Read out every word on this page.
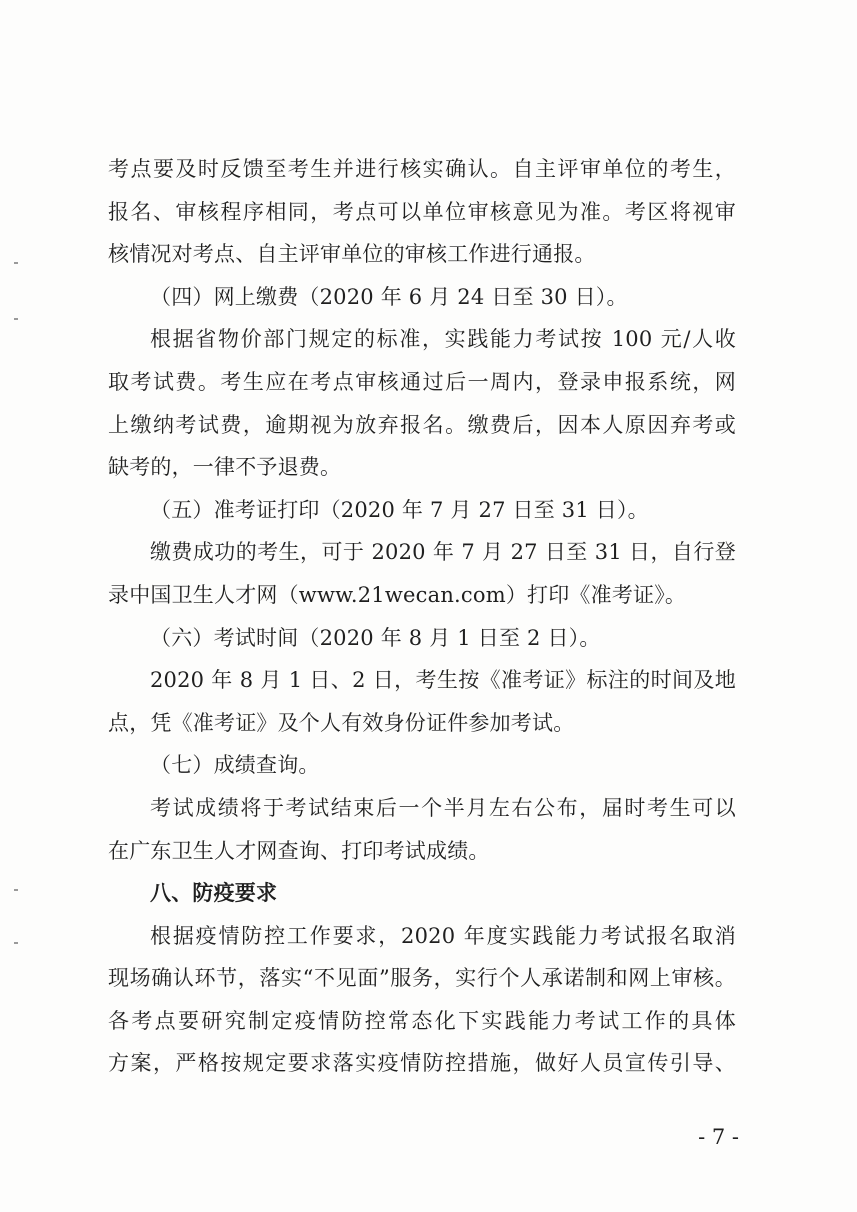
考点要及时反馈至考生并进行核实确认。自主评审单位的考生，
报名、审核程序相同，考点可以单位审核意见为准。考区将视审
核情况对考点、自主评审单位的审核工作进行通报。
（四）网上缴费（2020 年 6 月 24 日至 30 日）。
根据省物价部门规定的标准，实践能力考试按 100 元/人收
取考试费。考生应在考点审核通过后一周内，登录申报系统，网
上缴纳考试费，逾期视为放弃报名。缴费后，因本人原因弃考或
缺考的，一律不予退费。
（五）准考证打印（2020 年 7 月 27 日至 31 日）。
缴费成功的考生，可于 2020 年 7 月 27 日至 31 日，自行登
录中国卫生人才网（www.21wecan.com）打印《准考证》。
（六）考试时间（2020 年 8 月 1 日至 2 日）。
2020 年 8 月 1 日、2 日，考生按《准考证》标注的时间及地
点，凭《准考证》及个人有效身份证件参加考试。
（七）成绩查询。
考试成绩将于考试结束后一个半月左右公布，届时考生可以
在广东卫生人才网查询、打印考试成绩。
八、防疫要求
根据疫情防控工作要求，2020 年度实践能力考试报名取消
现场确认环节，落实“不见面”服务，实行个人承诺制和网上审核。
各考点要研究制定疫情防控常态化下实践能力考试工作的具体
方案，严格按规定要求落实疫情防控措施，做好人员宣传引导、
- 7 -
